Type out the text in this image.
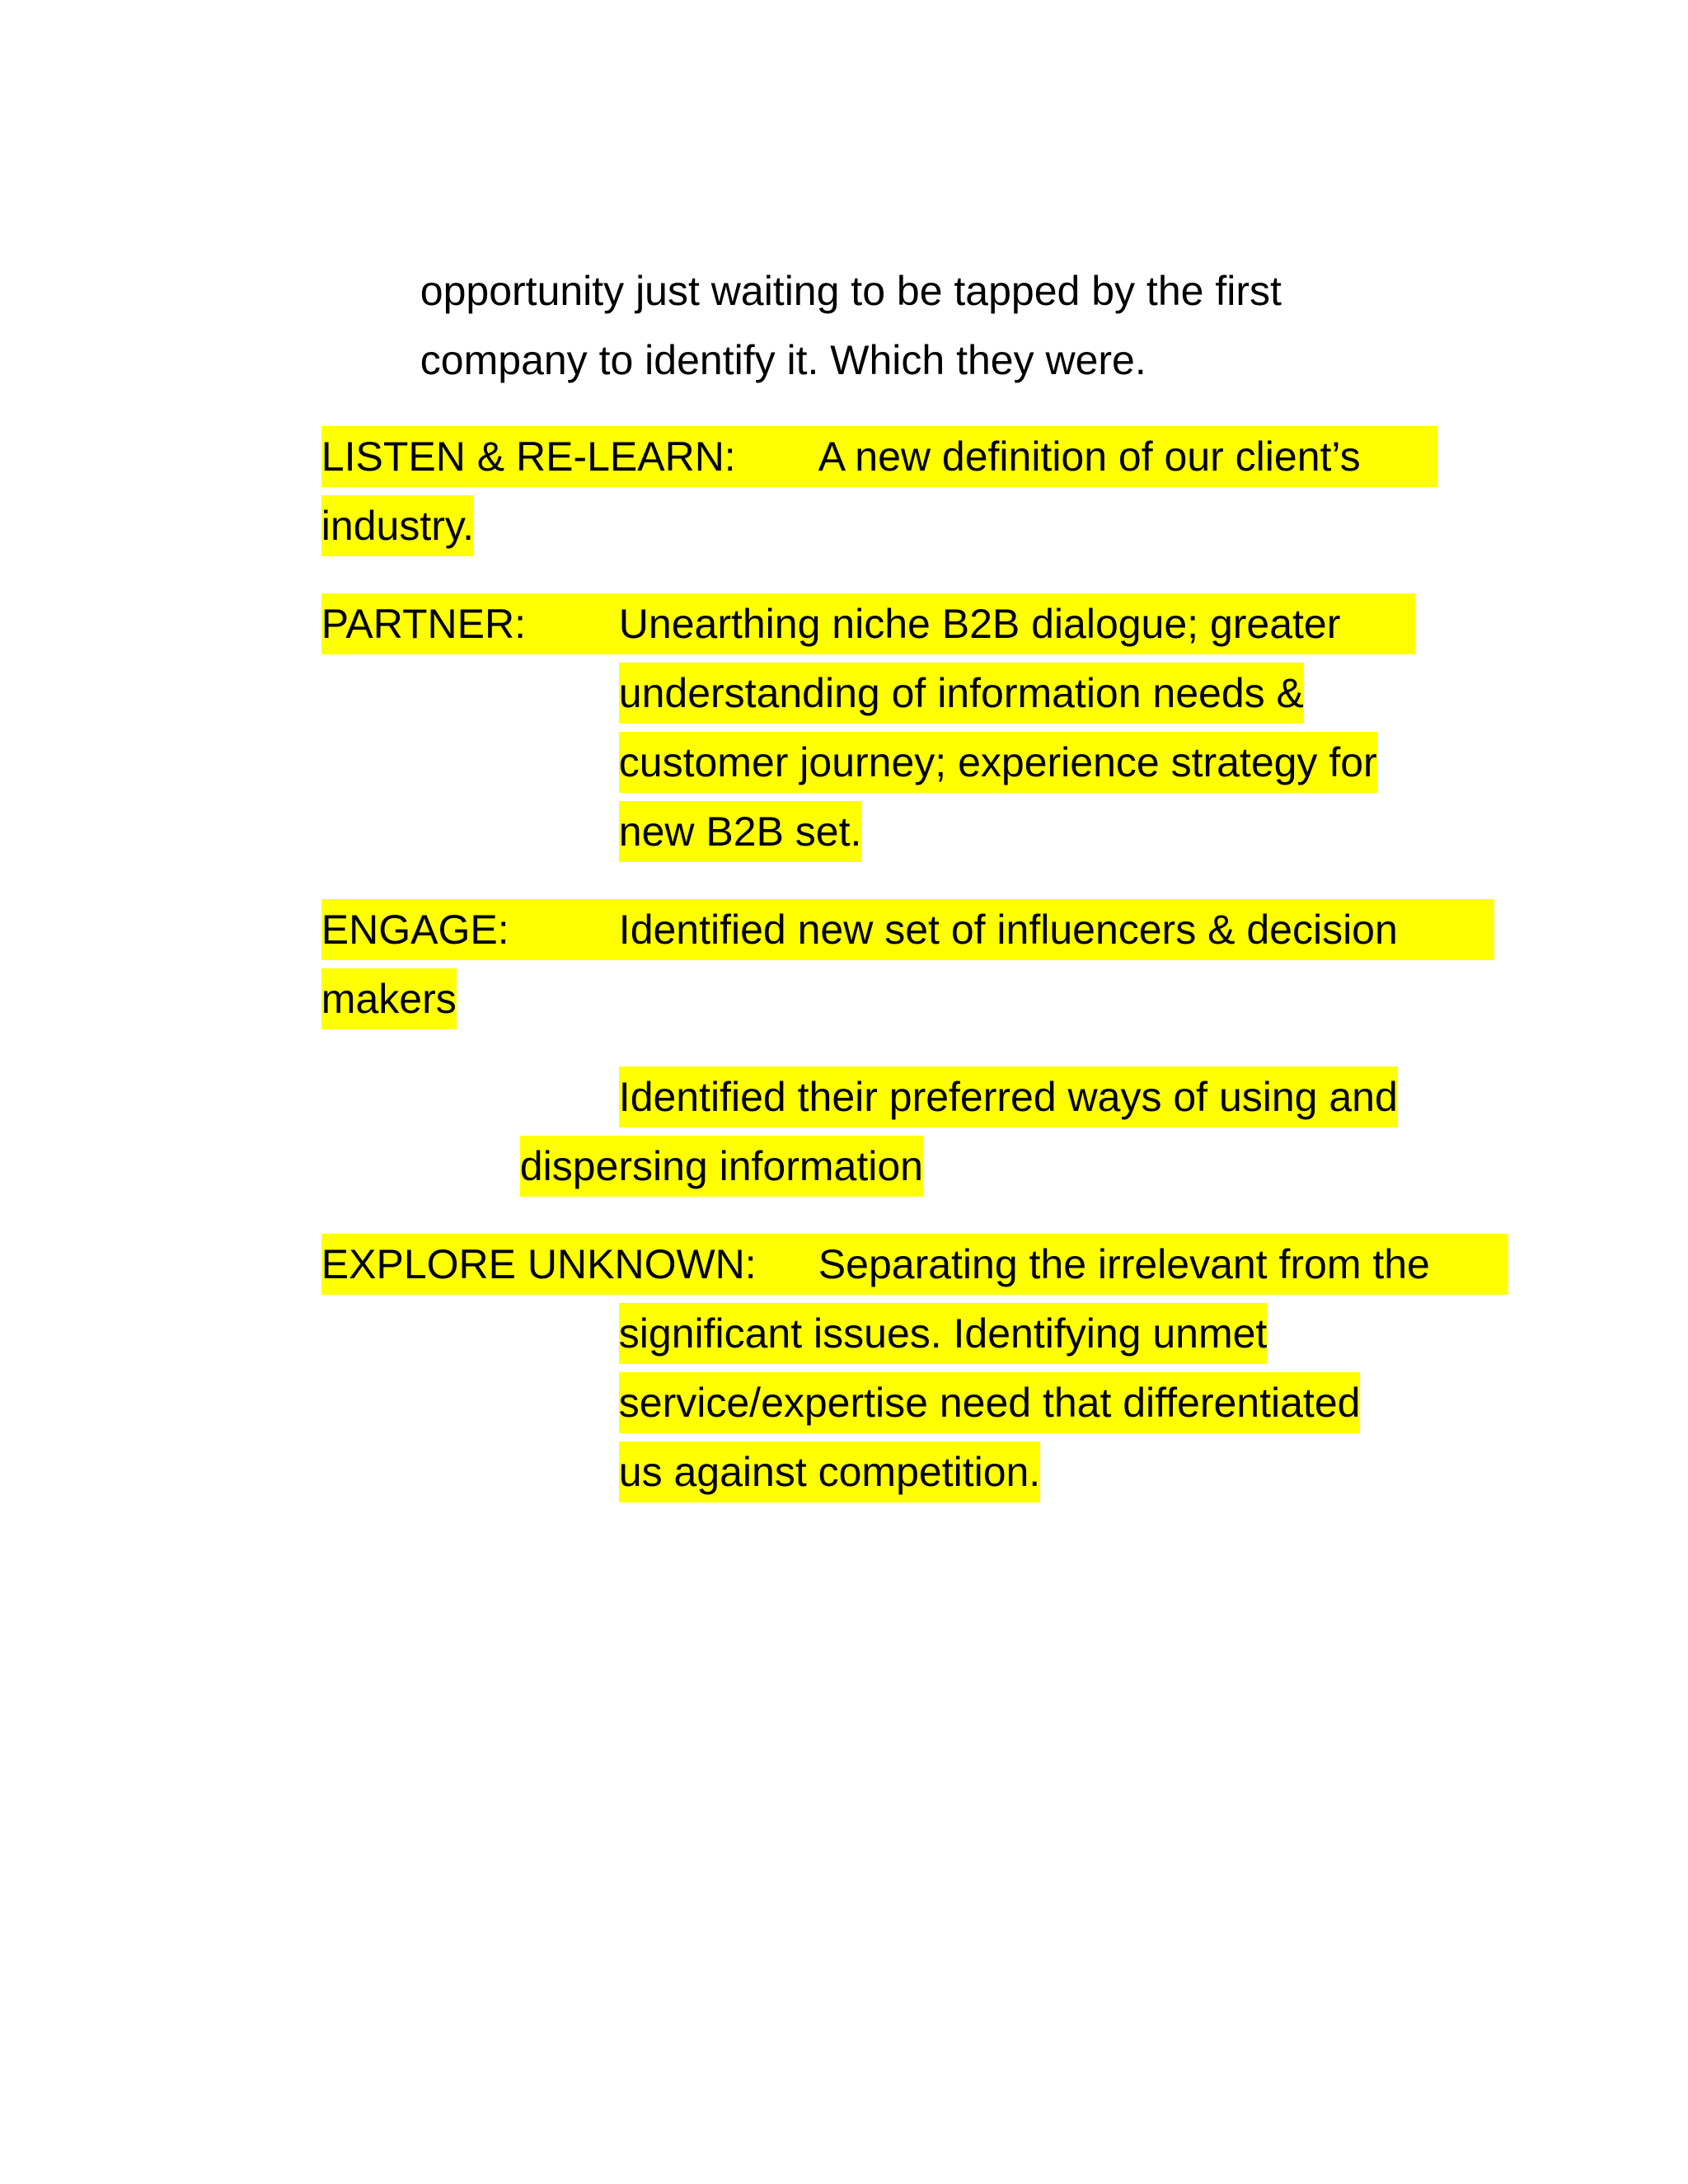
opportunity just waiting to be tapped by the first

company to identify it. Which they were.

LISTEN & RE-LEARN:	A new definition of our client’s

industry.

PARTNER:	Unearthing niche B2B dialogue; greater

understanding of information needs &

customer journey; experience strategy for

new B2B set.

ENGAGE:	Identified new set of influencers & decision

makers

Identified their preferred ways of using and

dispersing information

EXPLORE UNKNOWN:	Separating the irrelevant from the

significant issues. Identifying unmet

service/expertise need that differentiated

us against competition.
